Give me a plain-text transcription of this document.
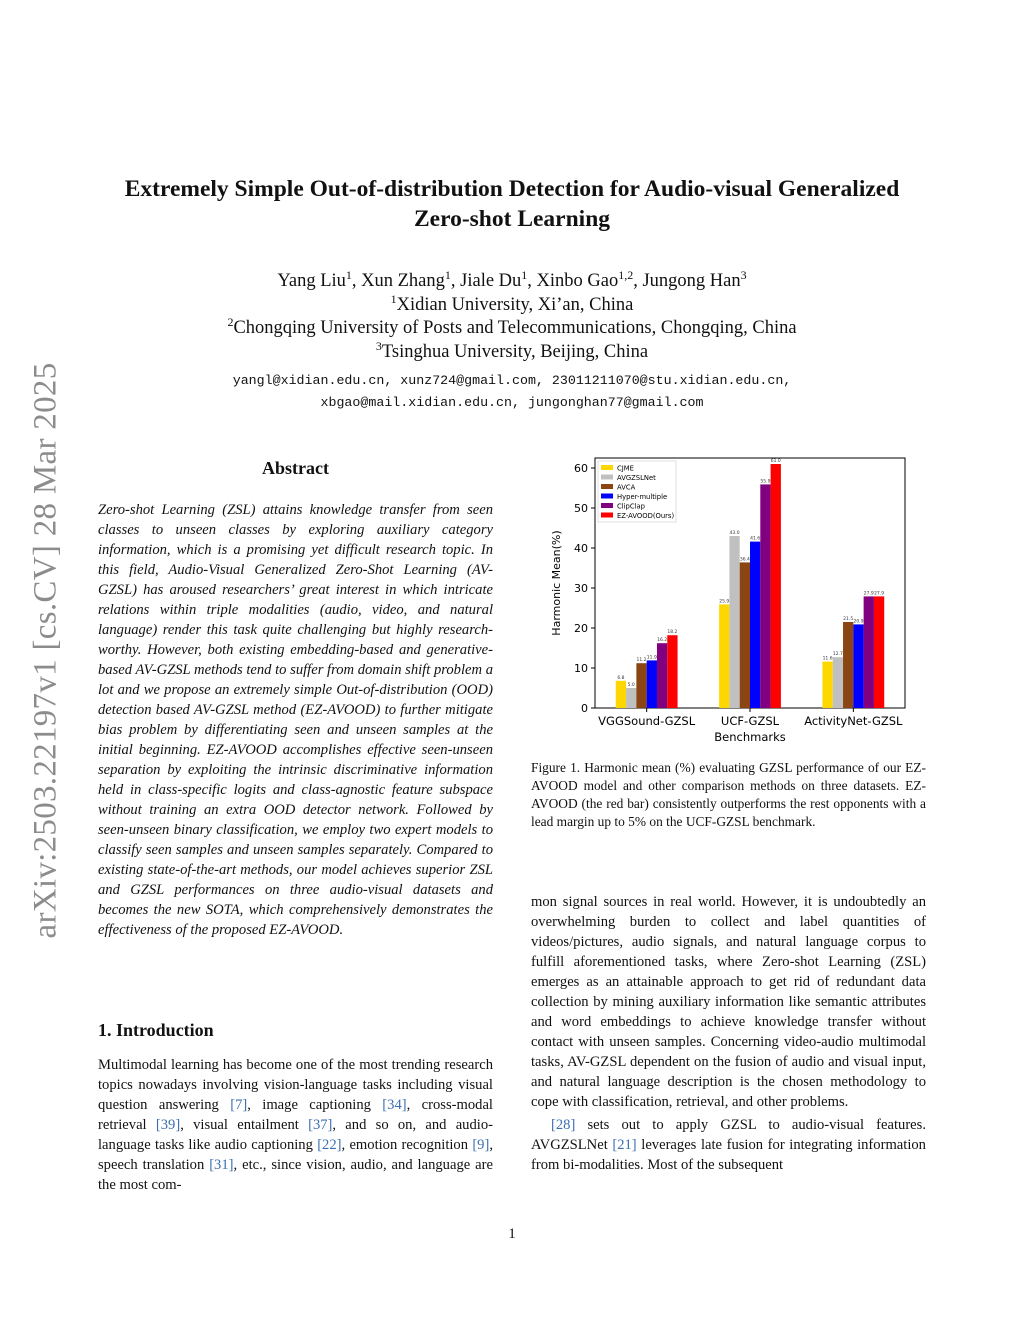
arXiv:2503.22197v1 [cs.CV] 28 Mar 2025
Extremely Simple Out-of-distribution Detection for Audio-visual Generalized
Zero-shot Learning
Yang Liu$^1$, Xun Zhang$^1$, Jiale Du$^1$, Xinbo Gao$^{1,2}$, Jungong Han$^3$
$^1$Xidian University, Xi’an, China
$^2$Chongqing University of Posts and Telecommunications, Chongqing, China
$^3$Tsinghua University, Beijing, China
yangl@xidian.edu.cn, xunz724@gmail.com, 23011211070@stu.xidian.edu.cn,
xbgao@mail.xidian.edu.cn, jungonghan77@gmail.com
Abstract
Zero-shot Learning (ZSL) attains knowledge transfer from seen classes to unseen classes by exploring auxiliary category information, which is a promising yet difficult research topic. In this field, Audio-Visual Generalized Zero-Shot Learning (AV-GZSL) has aroused researchers’ great interest in which intricate relations within triple modalities (audio, video, and natural language) render this task quite challenging but highly research-worthy. However, both existing embedding-based and generative-based AV-GZSL methods tend to suffer from domain shift problem a lot and we propose an extremely simple Out-of-distribution (OOD) detection based AV-GZSL method (EZ-AVOOD) to further mitigate bias problem by differentiating seen and unseen samples at the initial beginning. EZ-AVOOD accomplishes effective seen-unseen separation by exploiting the intrinsic discriminative information held in class-specific logits and class-agnostic feature subspace without training an extra OOD detector network. Followed by seen-unseen binary classification, we employ two expert models to classify seen samples and unseen samples separately. Compared to existing state-of-the-art methods, our model achieves superior ZSL and GZSL performances on three audio-visual datasets and becomes the new SOTA, which comprehensively demonstrates the effectiveness of the proposed EZ-AVOOD.
1. Introduction

Multimodal learning has become one of the most trending research topics nowadays involving vision-language tasks including visual question answering [7], image captioning [34], cross-modal retrieval [39], visual entailment [37], and so on, and audio-language tasks like audio captioning [22], emotion recognition [9], speech translation [31], etc., since vision, audio, and language are the most com-

0
10
20
30
40
50
60
Harmonic Mean(%)
6.8
5.0
11.2
11.9
16.2
18.2
VGGSound-GZSL
25.9
43.0
36.4
41.6
55.9
61.0
UCF-GZSL
11.6
12.7
21.5 20.9
27.9 27.9
ActivityNet-GZSL
Benchmarks
CJME
AVGZSLNet
AVCA
Hyper-multiple
ClipClap
EZ-AVOOD(Ours)
Figure 1. Harmonic mean (%) evaluating GZSL performance of our EZ-AVOOD model and other comparison methods on three datasets. EZ-AVOOD (the red bar) consistently outperforms the rest opponents with a lead margin up to 5% on the UCF-GZSL benchmark.

mon signal sources in real world. However, it is undoubtedly an overwhelming burden to collect and label quantities of videos/pictures, audio signals, and natural language corpus to fulfill aforementioned tasks, where Zero-shot Learning (ZSL) emerges as an attainable approach to get rid of redundant data collection by mining auxiliary information like semantic attributes and word embeddings to achieve knowledge transfer without contact with unseen samples. Concerning video-audio multimodal tasks, AV-GZSL dependent on the fusion of audio and visual input, and natural language description is the chosen methodology to cope with classification, retrieval, and other problems.

[28] sets out to apply GZSL to audio-visual features. AVGZSLNet [21] leverages late fusion for integrating information from bi-modalities. Most of the subsequent

1
